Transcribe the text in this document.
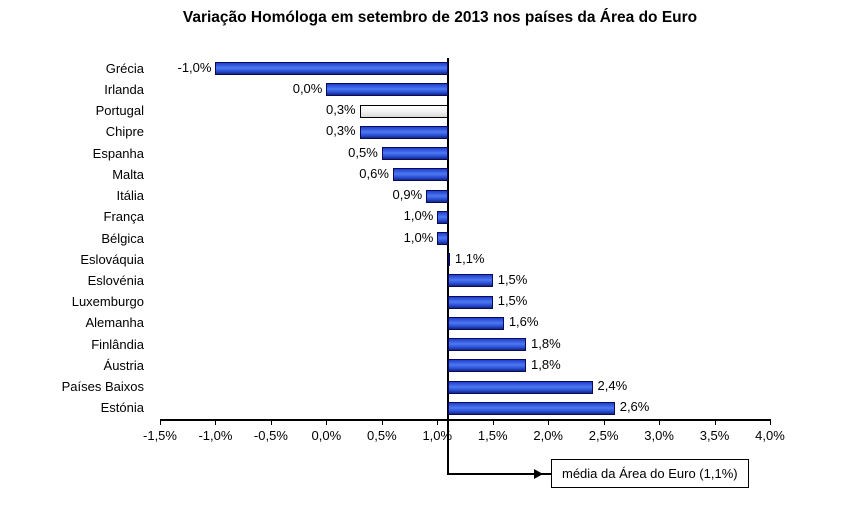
Variação Homóloga em setembro de 2013 nos países da Área do Euro
Grécia
Irlanda
Portugal
Chipre
Espanha
Malta
Itália
França
Bélgica
Eslováquia
Eslovénia
Luxemburgo
Alemanha
Finlândia
Áustria
Países Baixos
Estónia
média da Área do Euro (1,1%)
-1,0%
0,0%
0,3%
0,3%
0,5%
0,6%
0,9%
1,0%
1,0%
1,1%
1,5%
1,5%
1,6%
1,8%
1,8%
2,4%
2,6%
-1,5% -1,0% -0,5% 0,0% 0,5% 1,0% 1,5% 2,0% 2,5% 3,0% 3,5% 4,0%
